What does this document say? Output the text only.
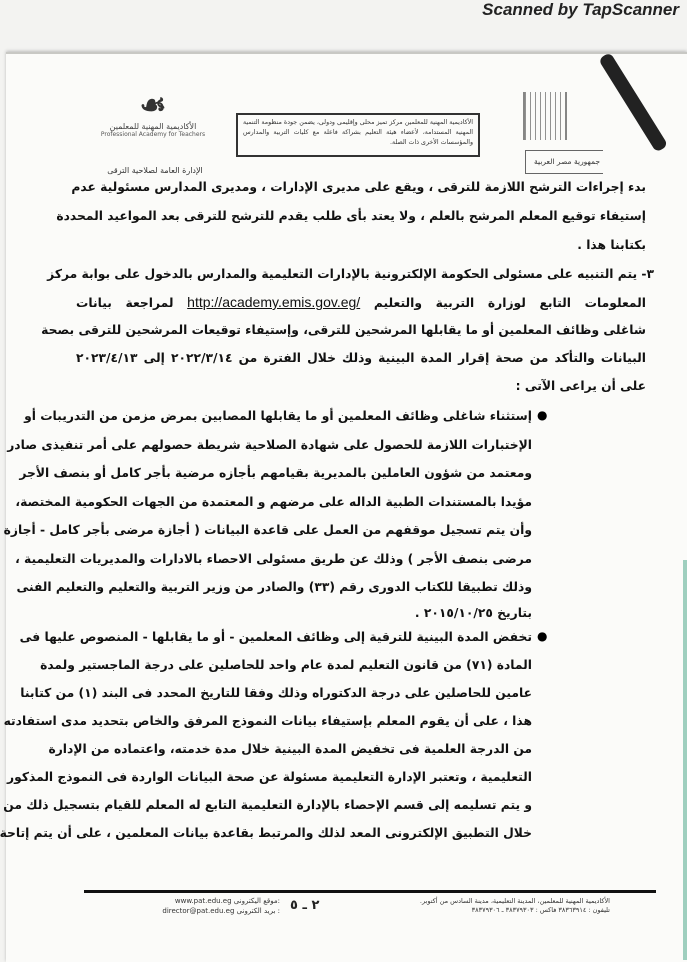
Scanned by TapScanner
☙
الأكاديمية المهنية للمعلمين
Professional Academy for Teachers
الأكاديمية المهنية للمعلمين مركز تميز محلى وإقليمى ودولى، يضمن جودة منظومة التنمية المهنية المستدامة، لأعضاء هيئة التعليم بشراكة فاعلة مع كليات التربية والمدارس والمؤسسات الأخرى ذات الصلة.
جمهورية مصر العربية
الإدارة العامة لصلاحية الترقى
بدء إجراءات الترشح اللازمة للترقى ، ويقع على مديرى الإدارات ، ومديرى المدارس مسئولية عدم
إستيفاء توقيع المعلم المرشح بالعلم ، ولا يعتد بأى طلب يقدم للترشح للترقى بعد المواعيد المحددة
بكتابنا هذا .
٣- يتم التنبيه على مسئولى الحكومة الإلكترونية بالإدارات التعليمية والمدارس بالدخول على بوابة مركز
المعلومات التابع لوزارة التربية والتعليم http://academy.emis.gov.eg/ لمراجعة بيانات
شاغلى وظائف المعلمين أو ما يقابلها المرشحين للترقى، وإستيفاء توقيعات المرشحين للترقى بصحة
البيانات والتأكد من صحة إقرار المدة البينية وذلك خلال الفترة من ٢٠٢٢/٣/١٤ إلى ٢٠٢٣/٤/١٣
على أن يراعى الآتى :
●
إستثناء شاغلى وظائف المعلمين أو ما يقابلها المصابين بمرض مزمن من التدريبات أو
الإختبارات اللازمة للحصول على شهادة الصلاحية شريطة حصولهم على أمر تنفيذى صادر
ومعتمد من شؤون العاملين بالمديرية بقيامهم بأجازه مرضية بأجر كامل أو بنصف الأجر
مؤيدا بالمستندات الطبية الداله على مرضهم و المعتمدة من الجهات الحكومية المختصة،
وأن يتم تسجيل موقفهم من العمل على قاعدة البيانات ( أجازة مرضى بأجر كامل - أجازة
مرضى بنصف الأجر ) وذلك عن طريق مسئولى الاحصاء بالادارات والمديريات التعليمية ،
وذلك تطبيقا للكتاب الدورى رقم (٣٣) والصادر من وزير التربية والتعليم والتعليم الفنى
بتاريخ ٢٠١٥/١٠/٢٥ .
●
تخفض المدة البينية للترقية إلى وظائف المعلمين - أو ما يقابلها - المنصوص عليها فى
المادة (٧١) من قانون التعليم لمدة عام واحد للحاصلين على درجة الماجستير ولمدة
عامين للحاصلين على درجة الدكتوراه وذلك وفقا للتاريخ المحدد فى البند (١) من كتابنا
هذا ، على أن يقوم المعلم بإستيفاء بيانات النموذج المرفق والخاص بتحديد مدى استفادته
من الدرجة العلمية فى تخفيض المدة البينية خلال مدة خدمته، واعتماده من الإدارة
التعليمية ، وتعتبر الإدارة التعليمية مسئولة عن صحة البيانات الواردة فى النموذج المذكور
و يتم تسليمه إلى قسم الإحصاء بالإدارة التعليمية التابع له المعلم للقيام بتسجيل ذلك من
خلال التطبيق الإلكترونى المعد لذلك والمرتبط بقاعدة بيانات المعلمين ، على أن يتم إتاحة
الأكاديمية المهنية للمعلمين، المدينة التعليمية، مدينة السادس من أكتوبر.
تليفون : ٣٨٣٦٣٩١٤ فاكس : ٣٨٣٧٩٣٠٣ ـ ٣٨٣٧٩٣٠٦
٢ ـ ٥
www.pat.edu.eg موقع اليكترونى:
director@pat.edu.eg بريد الكترونى :
